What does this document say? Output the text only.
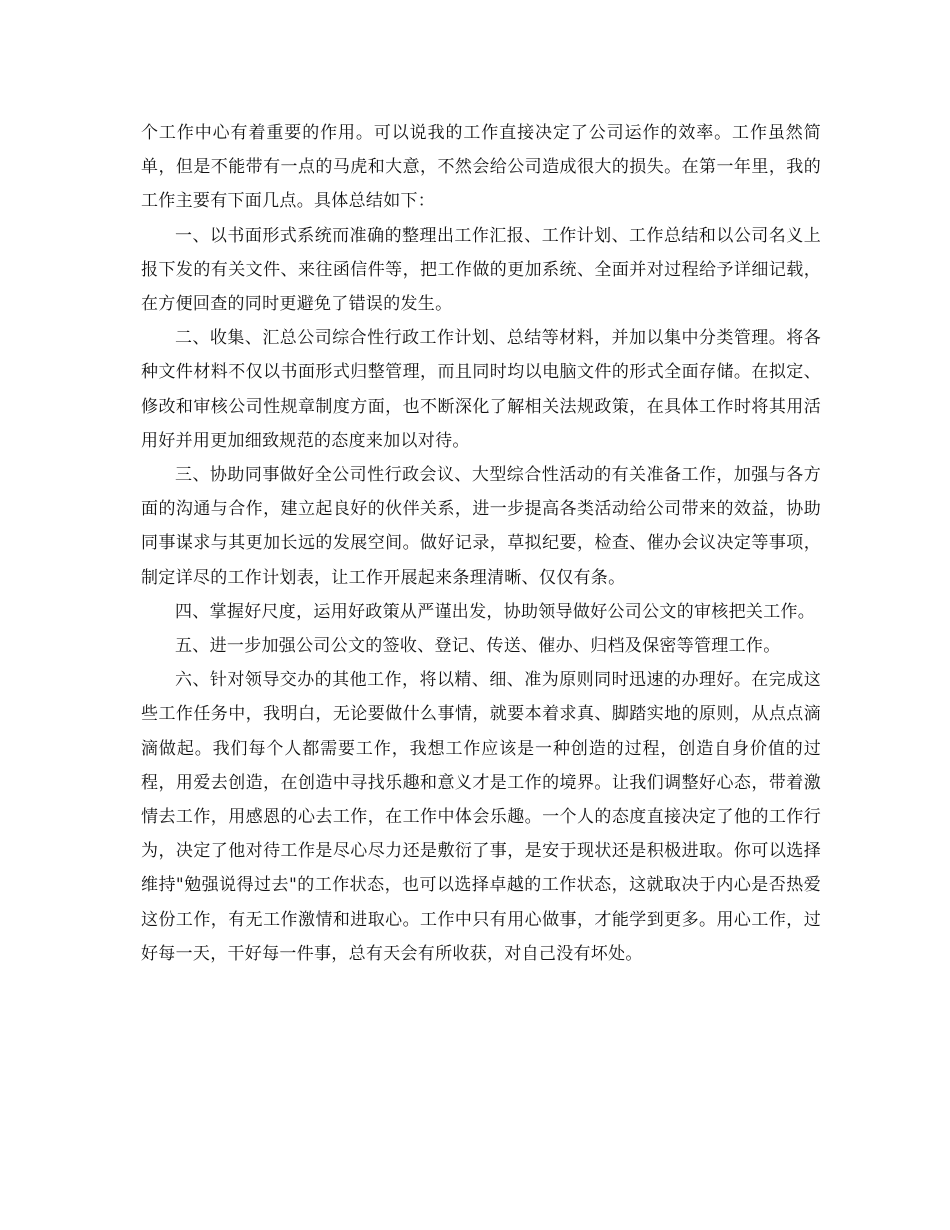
个工作中心有着重要的作用。可以说我的工作直接决定了公司运作的效率。工作虽然简单，但是不能带有一点的马虎和大意，不然会给公司造成很大的损失。在第一年里，我的工作主要有下面几点。具体总结如下：

一、以书面形式系统而准确的整理出工作汇报、工作计划、工作总结和以公司名义上报下发的有关文件、来往函信件等，把工作做的更加系统、全面并对过程给予详细记载，在方便回查的同时更避免了错误的发生。

二、收集、汇总公司综合性行政工作计划、总结等材料，并加以集中分类管理。将各种文件材料不仅以书面形式归整管理，而且同时均以电脑文件的形式全面存储。在拟定、修改和审核公司性规章制度方面，也不断深化了解相关法规政策，在具体工作时将其用活用好并用更加细致规范的态度来加以对待。

三、协助同事做好全公司性行政会议、大型综合性活动的有关准备工作，加强与各方面的沟通与合作，建立起良好的伙伴关系，进一步提高各类活动给公司带来的效益，协助同事谋求与其更加长远的发展空间。做好记录，草拟纪要，检查、催办会议决定等事项，制定详尽的工作计划表，让工作开展起来条理清晰、仅仅有条。

四、掌握好尺度，运用好政策从严谨出发，协助领导做好公司公文的审核把关工作。

五、进一步加强公司公文的签收、登记、传送、催办、归档及保密等管理工作。

六、针对领导交办的其他工作，将以精、细、准为原则同时迅速的办理好。在完成这些工作任务中，我明白，无论要做什么事情，就要本着求真、脚踏实地的原则，从点点滴滴做起。我们每个人都需要工作，我想工作应该是一种创造的过程，创造自身价值的过程，用爱去创造，在创造中寻找乐趣和意义才是工作的境界。让我们调整好心态，带着激情去工作，用感恩的心去工作，在工作中体会乐趣。一个人的态度直接决定了他的工作行为，决定了他对待工作是尽心尽力还是敷衍了事，是安于现状还是积极进取。你可以选择维持"勉强说得过去"的工作状态，也可以选择卓越的工作状态，这就取决于内心是否热爱这份工作，有无工作激情和进取心。工作中只有用心做事，才能学到更多。用心工作，过好每一天，干好每一件事，总有天会有所收获，对自己没有坏处。
